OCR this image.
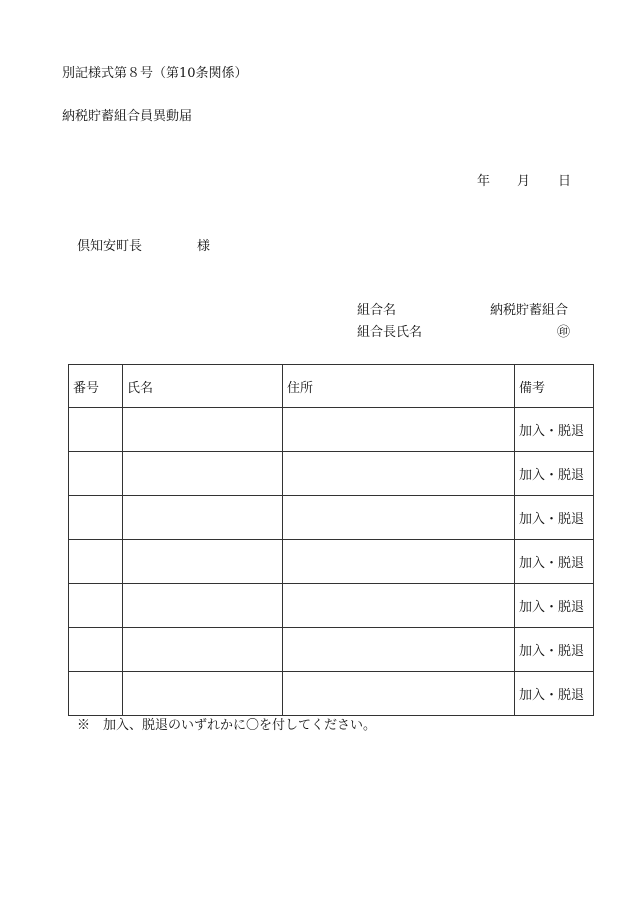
別記様式第８号（第10条関係）
納税貯蓄組合員異動届
年 月 日
倶知安町長	様
組合名	納税貯蓄組合
組合長氏名	㊞
番号	氏名	住所	備考
			加入・脱退
			加入・脱退
			加入・脱退
			加入・脱退
			加入・脱退
			加入・脱退
			加入・脱退
※　加入、脱退のいずれかに〇を付してください。
